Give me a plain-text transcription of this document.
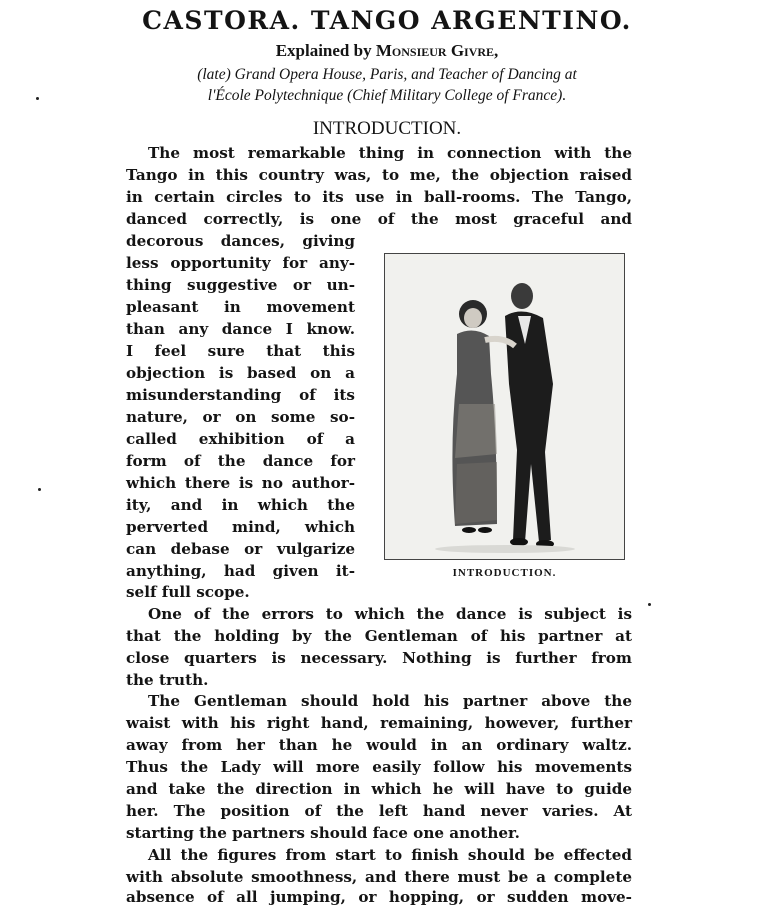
CASTORA. TANGO ARGENTINO.
Explained by Monsieur Givre,
(late) Grand Opera House, Paris, and Teacher of Dancing at
l'École Polytechnique (Chief Military College of France).
INTRODUCTION.
The most remarkable thing in connection with the
Tango in this country was, to me, the objection raised
in certain circles to its use in ball-rooms. The Tango,
danced correctly, is one of the most graceful and
decorous dances, giving
less opportunity for any-
thing suggestive or un-
pleasant in movement
than any dance I know.
I feel sure that this
objection is based on a
misunderstanding of its
nature, or on some so-
called exhibition of a
form of the dance for
which there is no author-
ity, and in which the
perverted mind, which
can debase or vulgarize
anything, had given it-
self full scope.
One of the errors to which the dance is subject is
that the holding by the Gentleman of his partner at
close quarters is necessary. Nothing is further from
the truth.
The Gentleman should hold his partner above the
waist with his right hand, remaining, however, further
away from her than he would in an ordinary waltz.
Thus the Lady will more easily follow his movements
and take the direction in which he will have to guide
her. The position of the left hand never varies. At
starting the partners should face one another.
All the figures from start to finish should be effected
with absolute smoothness, and there must be a complete
absence of all jumping, or hopping, or sudden move-
INTRODUCTION.
